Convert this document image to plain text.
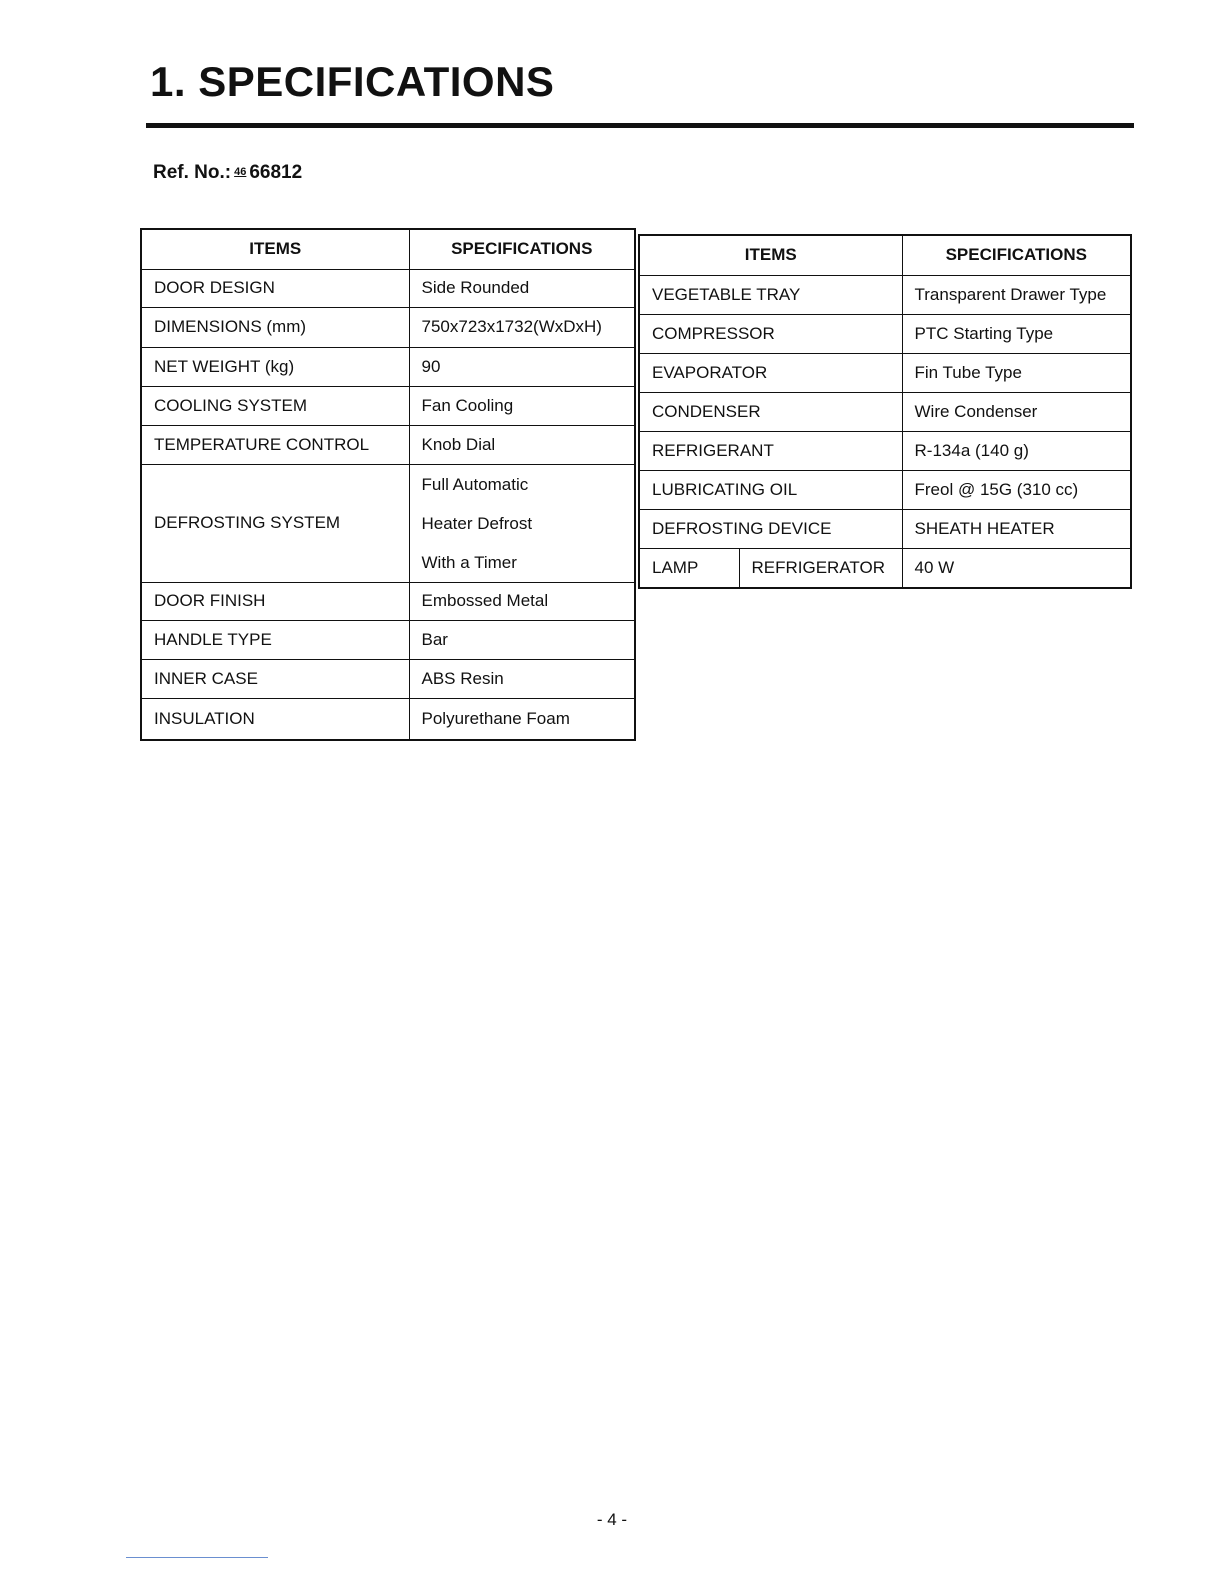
1. SPECIFICATIONS
Ref. No.: 46 66812
ITEMS	SPECIFICATIONS
DOOR DESIGN	Side Rounded
DIMENSIONS (mm)	750x723x1732(WxDxH)
NET WEIGHT (kg)	90
COOLING SYSTEM	Fan Cooling
TEMPERATURE CONTROL	Knob Dial
DEFROSTING SYSTEM	Full Automatic
Heater Defrost
With a Timer

DOOR FINISH	Embossed Metal
HANDLE TYPE	Bar
INNER CASE	ABS Resin
INSULATION	Polyurethane Foam
ITEMS		SPECIFICATIONS
VEGETABLE TRAY		Transparent Drawer Type
COMPRESSOR		PTC Starting Type
EVAPORATOR		Fin Tube Type
CONDENSER		Wire Condenser
REFRIGERANT		R-134a (140 g)
LUBRICATING OIL		Freol @ 15G (310 cc)
DEFROSTING DEVICE		SHEATH HEATER
LAMP	REFRIGERATOR	40 W
- 4 -
